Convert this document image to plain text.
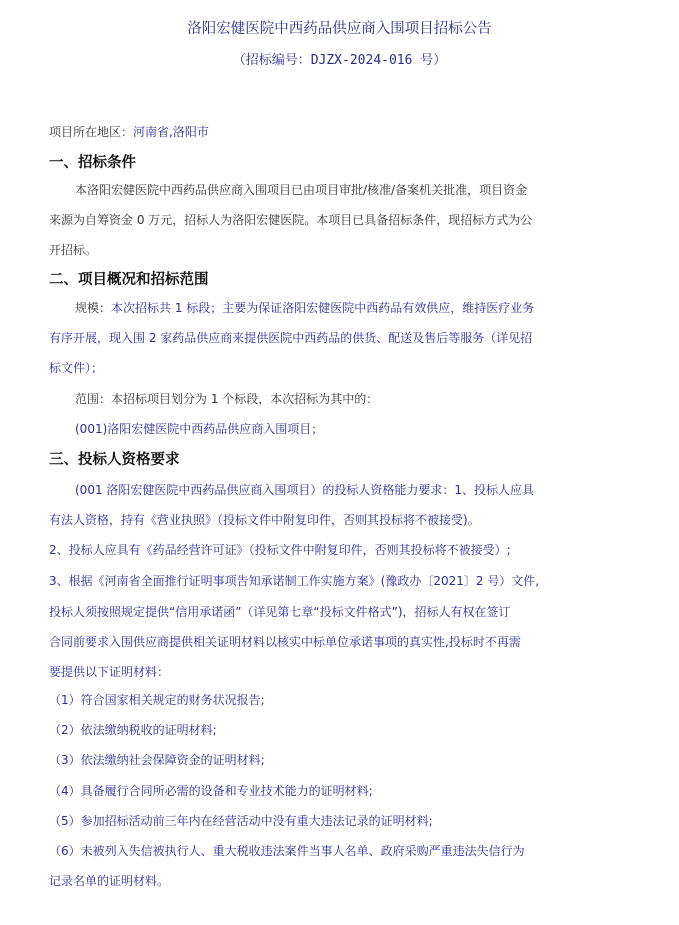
洛阳宏健医院中西药品供应商入围项目招标公告
（招标编号：DJZX-2024-016 号）
项目所在地区：河南省,洛阳市
一、招标条件
本洛阳宏健医院中西药品供应商入围项目已由项目审批/核准/备案机关批准，项目资金
来源为自筹资金 0 万元，招标人为洛阳宏健医院。本项目已具备招标条件，现招标方式为公
开招标。
二、项目概况和招标范围
规模：本次招标共 1 标段；主要为保证洛阳宏健医院中西药品有效供应，维持医疗业务
有序开展，现入围 2 家药品供应商来提供医院中西药品的供货、配送及售后等服务（详见招
标文件）；
范围：本招标项目划分为 1 个标段，本次招标为其中的：
(001)洛阳宏健医院中西药品供应商入围项目；
三、投标人资格要求
(001 洛阳宏健医院中西药品供应商入围项目）的投标人资格能力要求：1、投标人应具
有法人资格，持有《营业执照》（投标文件中附复印件，否则其投标将不被接受)。
2、投标人应具有《药品经营许可证》（投标文件中附复印件，否则其投标将不被接受）;
3、根据《河南省全面推行证明事项告知承诺制工作实施方案》(豫政办〔2021〕2 号）文件,
投标人须按照规定提供“信用承诺函”（详见第七章“投标文件格式”)，招标人有权在签订
合同前要求入围供应商提供相关证明材料以核实中标单位承诺事项的真实性,投标时不再需
要提供以下证明材料：
（1）符合国家相关规定的财务状况报告;
（2）依法缴纳税收的证明材料;
（3）依法缴纳社会保障资金的证明材料;
（4）具备履行合同所必需的设备和专业技术能力的证明材料;
（5）参加招标活动前三年内在经营活动中没有重大违法记录的证明材料;
（6）未被列入失信被执行人、重大税收违法案件当事人名单、政府采购严重违法失信行为
记录名单的证明材料。
